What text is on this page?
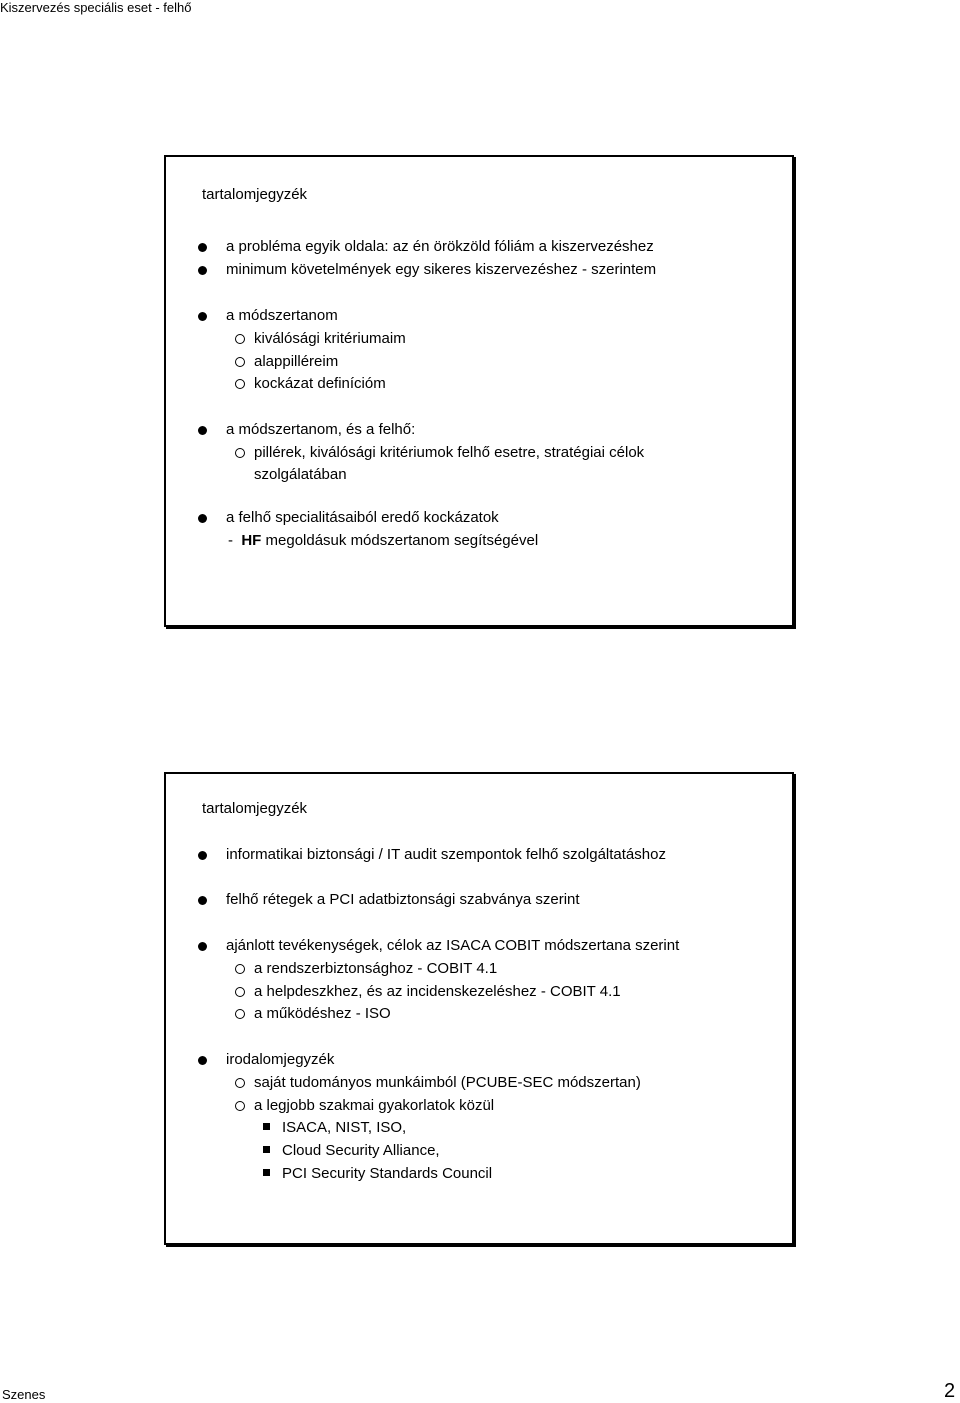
Kiszervezés speciális eset - felhő
tartalomjegyzék
a probléma egyik oldala: az én örökzöld fóliám a kiszervezéshez
minimum követelmények egy sikeres kiszervezéshez - szerintem
a módszertanom
kiválósági kritériumaim
alappilléreim
kockázat definícióm
a módszertanom, és a felhő:
pillérek, kiválósági kritériumok felhő esetre, stratégiai célok
szolgálatában
a felhő specialitásaiból eredő kockázatok
- HF megoldásuk módszertanom segítségével
tartalomjegyzék
informatikai biztonsági / IT audit szempontok felhő szolgáltatáshoz
felhő rétegek a PCI adatbiztonsági szabványa szerint
ajánlott tevékenységek, célok az ISACA COBIT módszertana szerint
a rendszerbiztonsághoz - COBIT 4.1
a helpdeszkhez, és az incidenskezeléshez - COBIT 4.1
a működéshez - ISO
irodalomjegyzék
saját tudományos munkáimból (PCUBE-SEC módszertan)
a legjobb szakmai gyakorlatok közül
ISACA, NIST, ISO,
Cloud Security Alliance,
PCI Security Standards Council
Szenes	2
